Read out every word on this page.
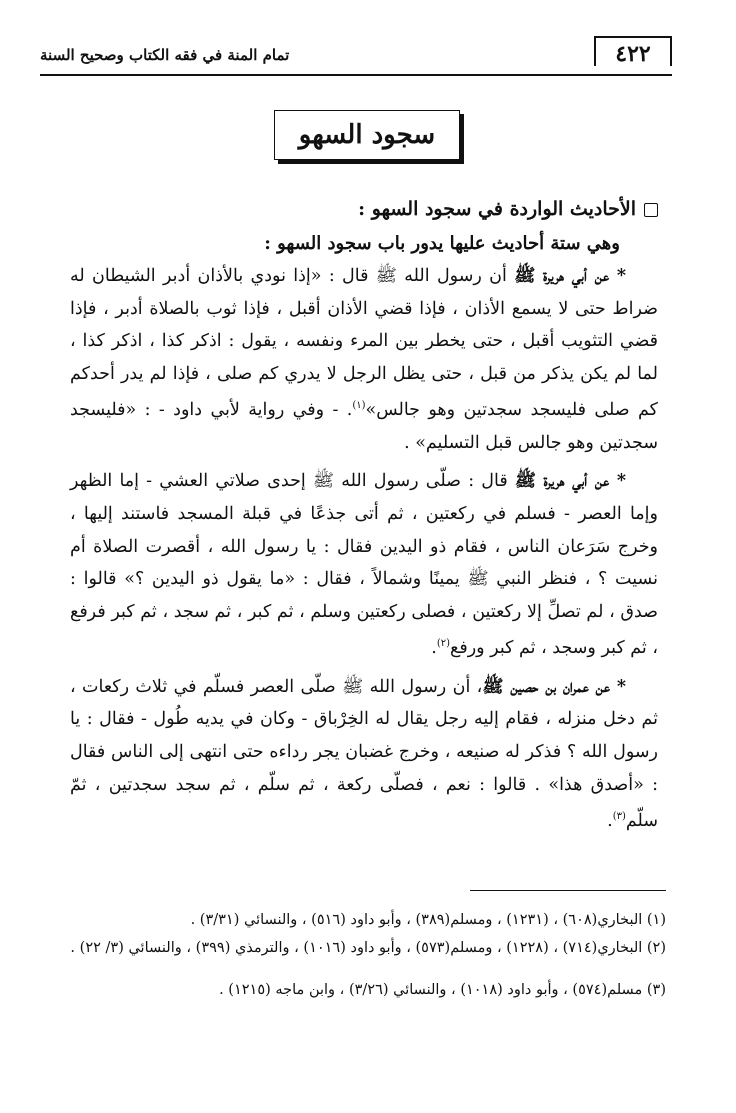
٤٢٢
تمام المنة في فقه الكتاب وصحيح السنة
سجود السهو

الأحاديث الواردة في سجود السهو :

وهي ستة أحاديث عليها يدور باب سجود السهو :

* عن أبي هريرة ﷺ أن رسول الله ﷺ قال : «إذا نودي بالأذان أدبر الشيطان له ضراط حتى لا يسمع الأذان ، فإذا قضي الأذان أقبل ، فإذا ثوب بالصلاة أدبر ، فإذا قضي التثويب أقبل ، حتى يخطر بين المرء ونفسه ، يقول : اذكر كذا ، اذكر كذا ، لما لم يكن يذكر من قبل ، حتى يظل الرجل لا يدري كم صلى ، فإذا لم يدر أحدكم كم صلى فليسجد سجدتين وهو جالس»$^{(١)}$. - وفي رواية لأبي داود - : «فليسجد سجدتين وهو جالس قبل التسليم» .

* عن أبي هريرة ﷺ قال : صلّى رسول الله ﷺ إحدى صلاتي العشي - إما الظهر وإما العصر - فسلم في ركعتين ، ثم أتى جذعًا في قبلة المسجد فاستند إليها ، وخرج سَرَعان الناس ، فقام ذو اليدين فقال : يا رسول الله ، أقصرت الصلاة أم نسيت ؟ ، فنظر النبي ﷺ يمينًا وشمالاً ، فقال : «ما يقول ذو اليدين ؟» قالوا : صدق ، لم تصلِّ إلا ركعتين ، فصلى ركعتين وسلم ، ثم كبر ، ثم سجد ، ثم كبر فرفع ، ثم كبر وسجد ، ثم كبر ورفع$^{(٢)}$.

* عن عمران بن حصين ﷺ، أن رسول الله ﷺ صلّى العصر فسلّم في ثلاث ركعات ، ثم دخل منزله ، فقام إليه رجل يقال له الخِرْباق - وكان في يديه طُول - فقال : يا رسول الله ؟ فذكر له صنيعه ، وخرج غضبان يجر رداءه حتى انتهى إلى الناس فقال : «أصدق هذا» . قالوا : نعم ، فصلّى ركعة ، ثم سلّم ، ثم سجد سجدتين ، ثمّ سلّم$^{(٣)}$.

(١) البخاري(٦٠٨) ، (١٢٣١) ، ومسلم(٣٨٩) ، وأبو داود (٥١٦) ، والنسائي (٣/٣١) .

(٢) البخاري(٧١٤) ، (١٢٢٨) ، ومسلم(٥٧٣) ، وأبو داود (١٠١٦) ، والترمذي (٣٩٩) ، والنسائي (٣/ ٢٢) .

(٣) مسلم(٥٧٤) ، وأبو داود (١٠١٨) ، والنسائي (٣/٢٦) ، وابن ماجه (١٢١٥) .
